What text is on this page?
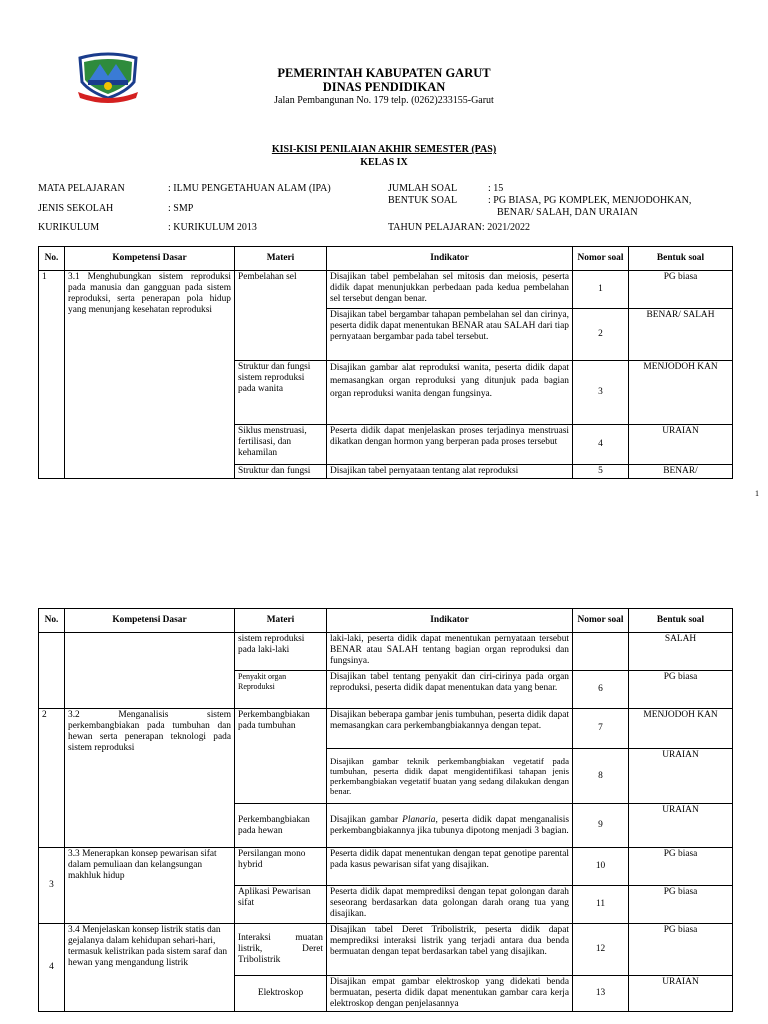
PEMERINTAH KABUPATEN GARUT
DINAS PENDIDIKAN
Jalan Pembangunan No. 179 telp. (0262)233155-Garut
KISI-KISI PENILAIAN AKHIR SEMESTER (PAS)
KELAS IX
MATA PELAJARAN	: ILMU PENGETAHUAN ALAM (IPA)
JENIS SEKOLAH	: SMP
KURIKULUM	: KURIKULUM 2013
JUMLAH SOAL	: 15
BENTUK SOAL	: PG BIASA, PG KOMPLEK, MENJODOHKAN,
BENAR/ SALAH, DAN URAIAN
TAHUN PELAJARAN: 2021/2022
No.	Kompetensi Dasar	Materi	Indikator	Nomor soal	Bentuk soal
1	3.1 Menghubungkan sistem reproduksi pada manusia dan gangguan pada sistem reproduksi, serta penerapan pola hidup yang menunjang kesehatan reproduksi	Pembelahan sel	Disajikan tabel pembelahan sel mitosis dan meiosis, peserta didik dapat menunjukkan perbedaan pada kedua pembelahan sel tersebut dengan benar.	1	PG biasa
			Disajikan tabel bergambar tahapan pembelahan sel dan cirinya, peserta didik dapat menentukan BENAR atau SALAH dari tiap pernyataan bergambar pada tabel tersebut.	2	BENAR/ SALAH
		Struktur dan fungsi sistem reproduksi pada wanita	Disajikan gambar alat reproduksi wanita, peserta didik dapat memasangkan organ reproduksi yang ditunjuk pada bagian organ reproduksi wanita dengan fungsinya.	3	MENJODOH KAN
		Siklus menstruasi, fertilisasi, dan kehamilan	Peserta didik dapat menjelaskan proses terjadinya menstruasi dikatkan dengan hormon yang berperan pada proses tersebut	4	URAIAN
		Struktur dan fungsi	Disajikan tabel pernyataan tentang alat reproduksi	5	BENAR/
1
No.	Kompetensi Dasar	Materi	Indikator	Nomor soal	Bentuk soal
		sistem reproduksi pada laki-laki	laki-laki, peserta didik dapat menentukan pernyataan tersebut BENAR atau SALAH tentang bagian organ reproduksi dan fungsinya.		SALAH
		Penyakit organ Reproduksi	Disajikan tabel tentang penyakit dan ciri-cirinya pada organ reproduksi, peserta didik dapat menentukan data yang benar.	6	PG biasa
2	3.2 Menganalisis sistem perkembangbiakan pada tumbuhan dan hewan serta penerapan teknologi pada sistem reproduksi	Perkembangbiakan pada tumbuhan	Disajikan beberapa gambar jenis tumbuhan, peserta didik dapat memasangkan cara perkembangbiakannya dengan tepat.	7	MENJODOH KAN
			Disajikan gambar teknik perkembangbiakan vegetatif pada tumbuhan, peserta didik dapat mengidentifikasi tahapan jenis perkembangbiakan vegetatif buatan yang sedang dilakukan dengan benar.	8	URAIAN
		Perkembangbiakan pada hewan	Disajikan gambar Planaria, peserta didik dapat menganalisis perkembangbiakannya jika tubunya dipotong menjadi 3 bagian.	9	URAIAN
3	3.3 Menerapkan konsep pewarisan sifat dalam pemuliaan dan kelangsungan makhluk hidup	Persilangan mono hybrid	Peserta didik dapat menentukan dengan tepat genotipe parental pada kasus pewarisan sifat yang disajikan.	10	PG biasa
		Aplikasi Pewarisan sifat	Peserta didik dapat memprediksi dengan tepat golongan darah seseorang berdasarkan data golongan darah orang tua yang disajikan.	11	PG biasa
4	3.4 Menjelaskan konsep listrik statis dan gejalanya dalam kehidupan sehari-hari, termasuk kelistrikan pada sistem saraf dan hewan yang mengandung listrik	Interaksi muatan listrik, Deret Tribolistrik	Disajikan tabel Deret Tribolistrik, peserta didik dapat memprediksi interaksi listrik yang terjadi antara dua benda bermuatan dengan tepat berdasarkan tabel yang disajikan.	12	PG biasa
		Elektroskop	Disajikan empat gambar elektroskop yang didekati benda bermuatan, peserta didik dapat menentukan gambar cara kerja elektroskop dengan penjelasannya	13	URAIAN
